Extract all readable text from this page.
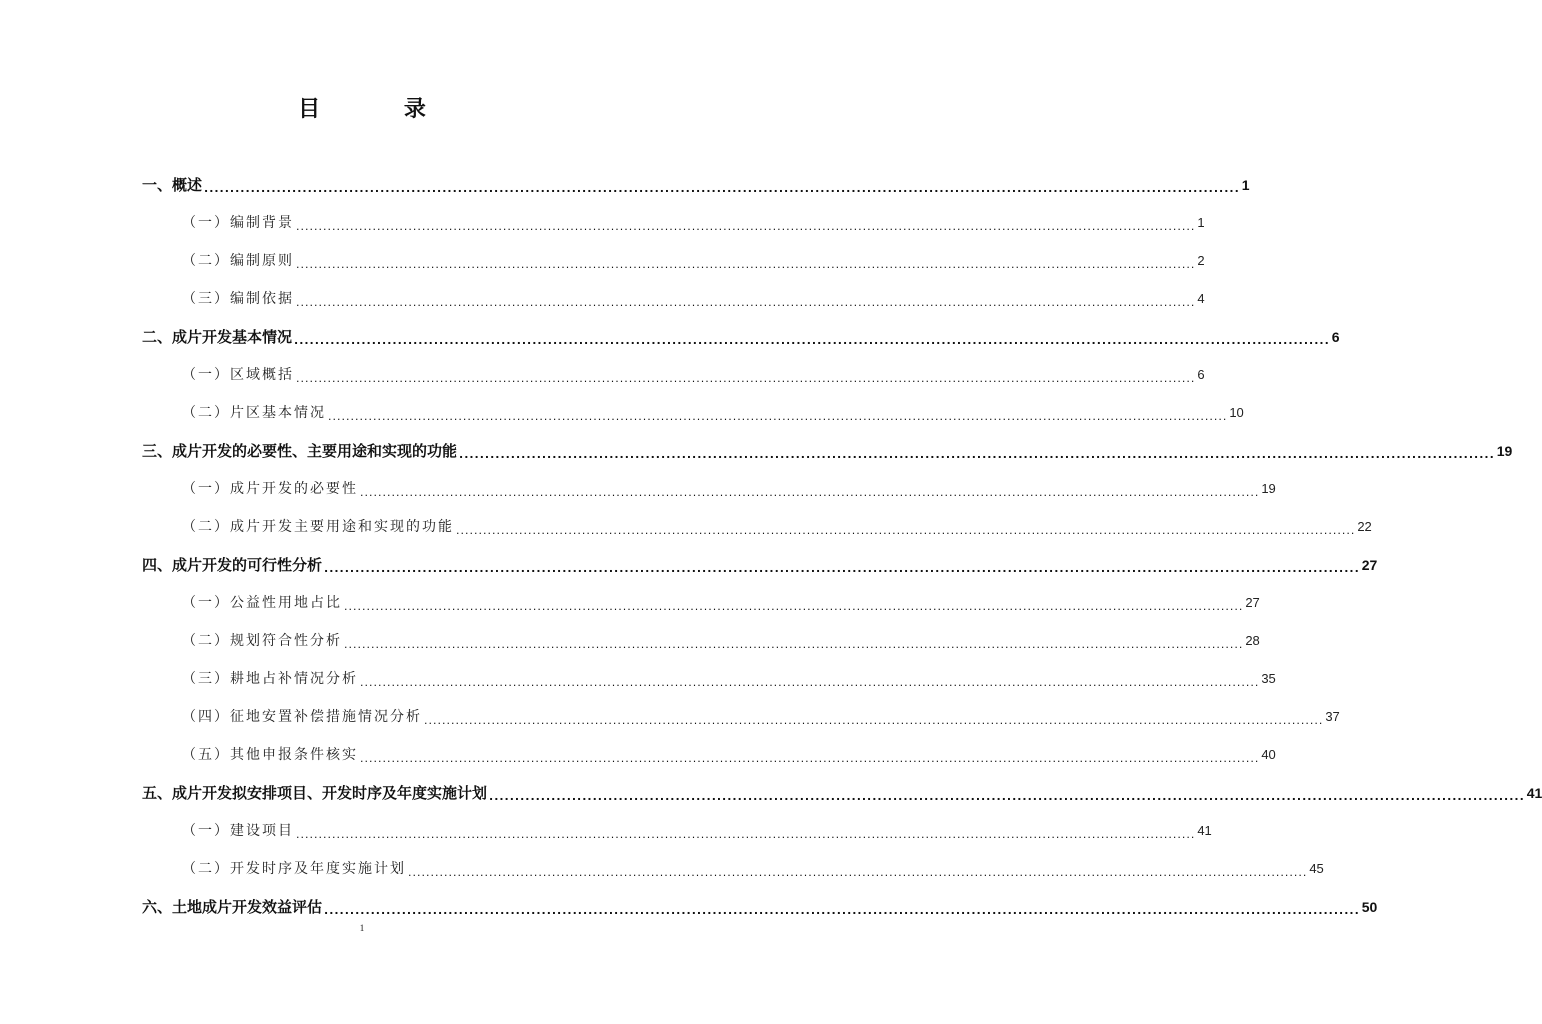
目 录
一、概述 ........................................................................................................................................................................................................ 1
（一）编制背景 ........................................................................................................................................................................................................ 1
（二）编制原则 ........................................................................................................................................................................................................ 2
（三）编制依据 ........................................................................................................................................................................................................ 4
二、成片开发基本情况 ........................................................................................................................................................................................................ 6
（一）区域概括 ........................................................................................................................................................................................................ 6
（二）片区基本情况 ........................................................................................................................................................................................................ 10
三、成片开发的必要性、主要用途和实现的功能 ........................................................................................................................................................................................................ 19
（一）成片开发的必要性 ........................................................................................................................................................................................................ 19
（二）成片开发主要用途和实现的功能 ........................................................................................................................................................................................................ 22
四、成片开发的可行性分析 ........................................................................................................................................................................................................ 27
（一）公益性用地占比 ........................................................................................................................................................................................................ 27
（二）规划符合性分析 ........................................................................................................................................................................................................ 28
（三）耕地占补情况分析 ........................................................................................................................................................................................................ 35
（四）征地安置补偿措施情况分析 ........................................................................................................................................................................................................ 37
（五）其他申报条件核实 ........................................................................................................................................................................................................ 40
五、成片开发拟安排项目、开发时序及年度实施计划 ........................................................................................................................................................................................................ 41
（一）建设项目 ........................................................................................................................................................................................................ 41
（二）开发时序及年度实施计划 ........................................................................................................................................................................................................ 45
六、土地成片开发效益评估 ........................................................................................................................................................................................................ 50
1
